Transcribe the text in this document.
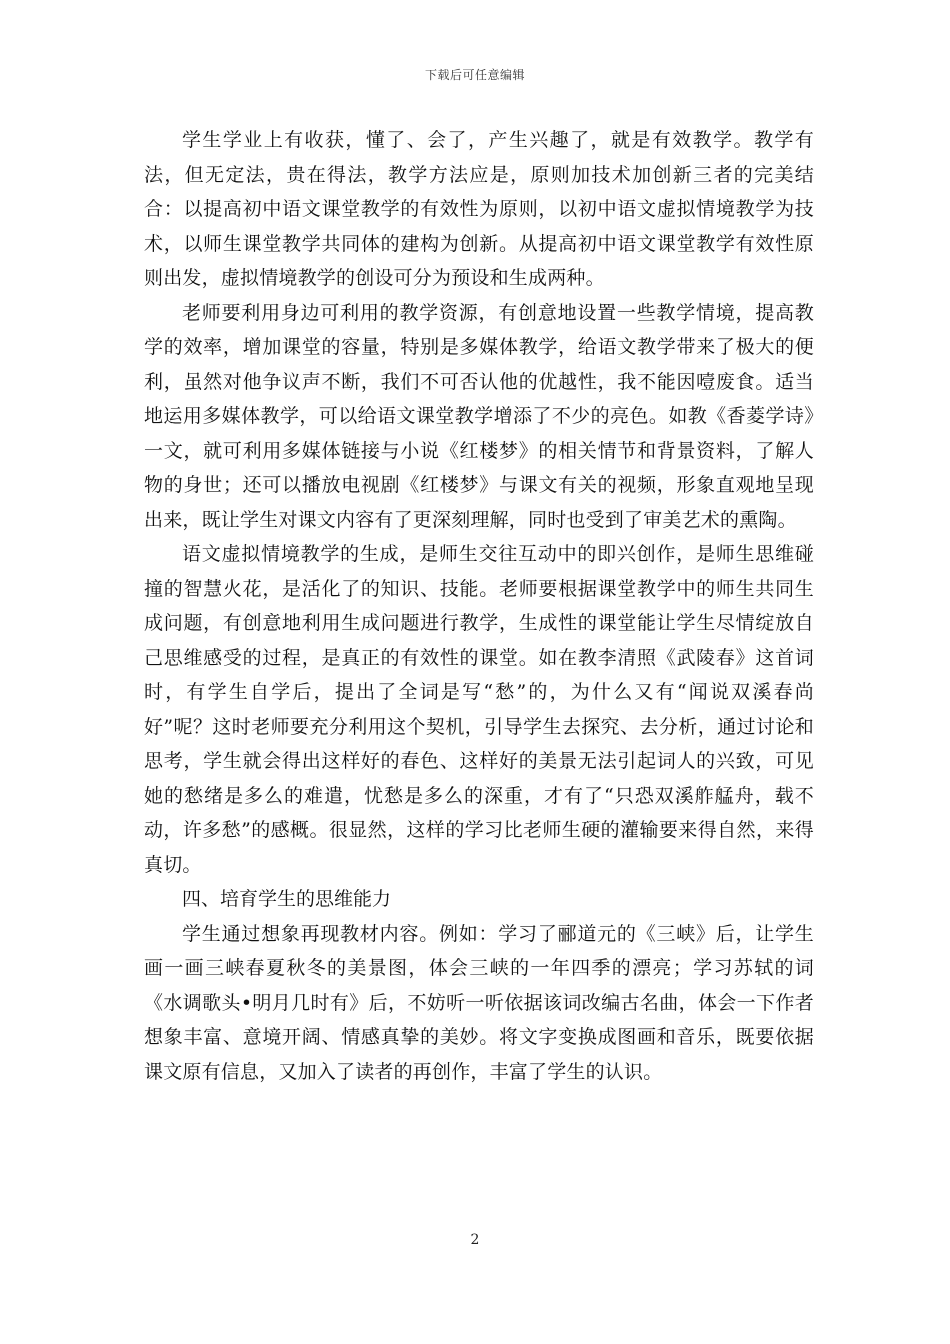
下载后可任意编辑

学生学业上有收获，懂了、会了，产生兴趣了，就是有效教学。教学有法，但无定法，贵在得法，教学方法应是，原则加技术加创新三者的完美结合：以提高初中语文课堂教学的有效性为原则，以初中语文虚拟情境教学为技术，以师生课堂教学共同体的建构为创新。从提高初中语文课堂教学有效性原则出发，虚拟情境教学的创设可分为预设和生成两种。

老师要利用身边可利用的教学资源，有创意地设置一些教学情境，提高教学的效率，增加课堂的容量，特别是多媒体教学，给语文教学带来了极大的便利，虽然对他争议声不断，我们不可否认他的优越性，我不能因噎废食。适当地运用多媒体教学，可以给语文课堂教学增添了不少的亮色。如教《香菱学诗》一文，就可利用多媒体链接与小说《红楼梦》的相关情节和背景资料，了解人物的身世；还可以播放电视剧《红楼梦》与课文有关的视频，形象直观地呈现出来，既让学生对课文内容有了更深刻理解，同时也受到了审美艺术的熏陶。

语文虚拟情境教学的生成，是师生交往互动中的即兴创作，是师生思维碰撞的智慧火花，是活化了的知识、技能。老师要根据课堂教学中的师生共同生成问题，有创意地利用生成问题进行教学，生成性的课堂能让学生尽情绽放自己思维感受的过程，是真正的有效性的课堂。如在教李清照《武陵春》这首词时，有学生自学后，提出了全词是写“愁”的，为什么又有“闻说双溪春尚好”呢？这时老师要充分利用这个契机，引导学生去探究、去分析，通过讨论和思考，学生就会得出这样好的春色、这样好的美景无法引起词人的兴致，可见她的愁绪是多么的难遣，忧愁是多么的深重，才有了“只恐双溪舴艋舟，载不动，许多愁”的感概。很显然，这样的学习比老师生硬的灌输要来得自然，来得真切。

四、培育学生的思维能力

学生通过想象再现教材内容。例如：学习了郦道元的《三峡》后，让学生画一画三峡春夏秋冬的美景图，体会三峡的一年四季的漂亮；学习苏轼的词《水调歌头•明月几时有》后，不妨听一听依据该词改编古名曲，体会一下作者想象丰富、意境开阔、情感真挚的美妙。将文字变换成图画和音乐，既要依据课文原有信息，又加入了读者的再创作，丰富了学生的认识。

2
